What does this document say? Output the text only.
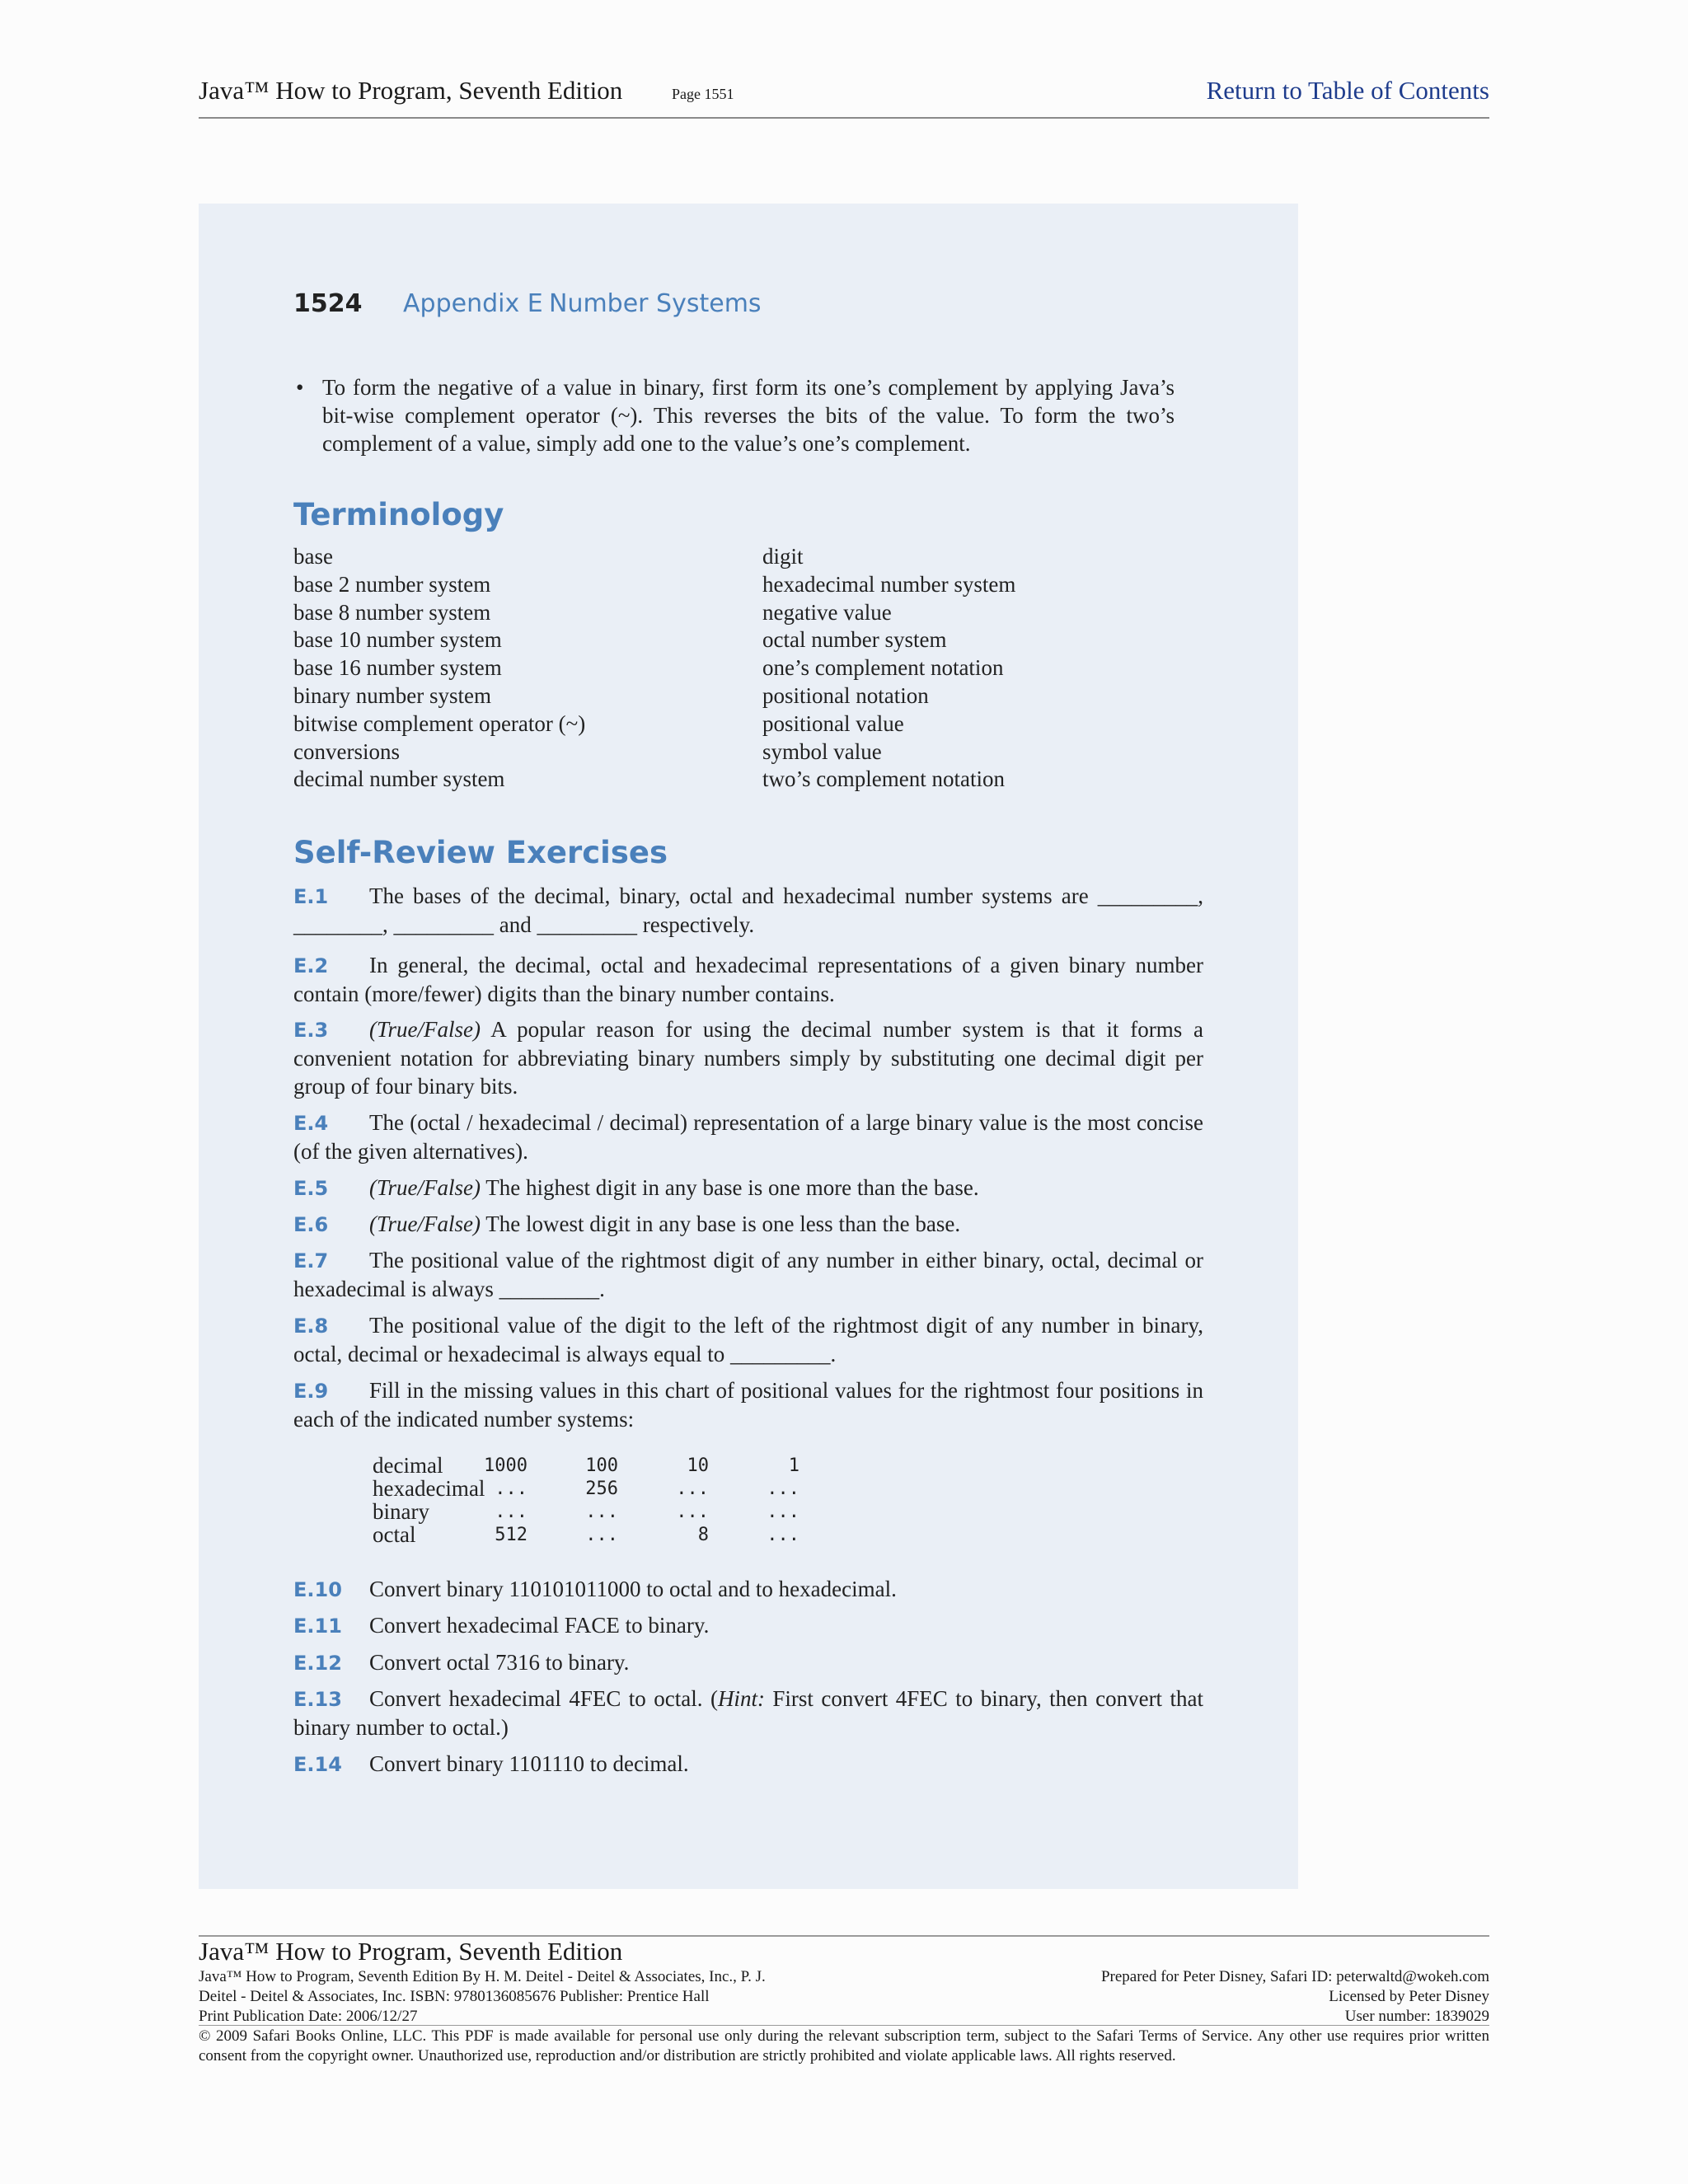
Java™ How to Program, Seventh Edition	Page 1551	Return to Table of Contents
1524 Appendix E Number Systems
• To form the negative of a value in binary, first form its one’s complement by applying Java’s bit-wise complement operator (~). This reverses the bits of the value. To form the two’s complement of a value, simply add one to the value’s one’s complement.
Terminology
base
base 2 number system
base 8 number system
base 10 number system
base 16 number system
binary number system
bitwise complement operator (~)
conversions
decimal number system
digit
hexadecimal number system
negative value
octal number system
one’s complement notation
positional notation
positional value
symbol value
two’s complement notation
Self-Review Exercises
E.1 The bases of the decimal, binary, octal and hexadecimal number systems are _________, ________, _________ and _________ respectively.
E.2 In general, the decimal, octal and hexadecimal representations of a given binary number contain (more/fewer) digits than the binary number contains.
E.3 (True/False) A popular reason for using the decimal number system is that it forms a convenient notation for abbreviating binary numbers simply by substituting one decimal digit per group of four binary bits.
E.4 The (octal / hexadecimal / decimal) representation of a large binary value is the most concise (of the given alternatives).
E.5 (True/False) The highest digit in any base is one more than the base.
E.6 (True/False) The lowest digit in any base is one less than the base.
E.7 The positional value of the rightmost digit of any number in either binary, octal, decimal or hexadecimal is always _________.
E.8 The positional value of the digit to the left of the rightmost digit of any number in binary, octal, decimal or hexadecimal is always equal to _________.
E.9 Fill in the missing values in this chart of positional values for the rightmost four positions in each of the indicated number systems:
decimal	1000	100	10	1
hexadecimal ...	256	...	...
binary	...	...	...	...
octal	512	...	8	...
E.10 Convert binary 110101011000 to octal and to hexadecimal.
E.11 Convert hexadecimal FACE to binary.
E.12 Convert octal 7316 to binary.
E.13 Convert hexadecimal 4FEC to octal. (Hint: First convert 4FEC to binary, then convert that binary number to octal.)
E.14 Convert binary 1101110 to decimal.
Java™ How to Program, Seventh Edition
Java™ How to Program, Seventh Edition By H. M. Deitel - Deitel & Associates, Inc., P. J.
Deitel - Deitel & Associates, Inc. ISBN: 9780136085676 Publisher: Prentice Hall
Print Publication Date: 2006/12/27
Prepared for Peter Disney, Safari ID: peterwaltd@wokeh.com
Licensed by Peter Disney
User number: 1839029
© 2009 Safari Books Online, LLC. This PDF is made available for personal use only during the relevant subscription term, subject to the Safari Terms of Service. Any other use requires prior written consent from the copyright owner. Unauthorized use, reproduction and/or distribution are strictly prohibited and violate applicable laws. All rights reserved.
